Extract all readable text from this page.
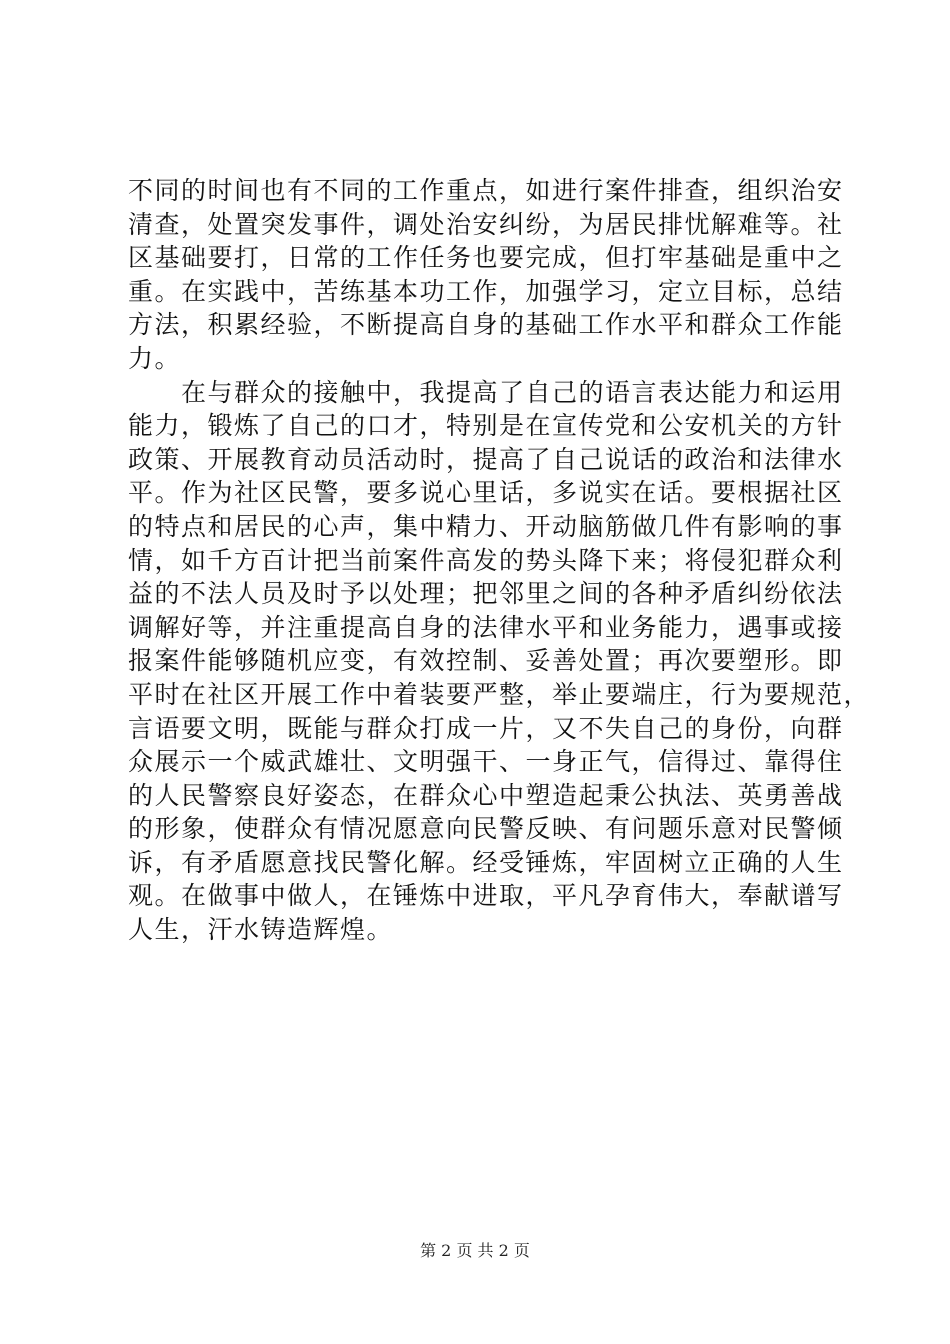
不同的时间也有不同的工作重点，如进行案件排查，组织治安
清查，处置突发事件，调处治安纠纷，为居民排忧解难等。社
区基础要打，日常的工作任务也要完成，但打牢基础是重中之
重。在实践中，苦练基本功工作，加强学习，定立目标，总结
方法，积累经验，不断提高自身的基础工作水平和群众工作能
力。
　　在与群众的接触中，我提高了自己的语言表达能力和运用
能力，锻炼了自己的口才，特别是在宣传党和公安机关的方针
政策、开展教育动员活动时，提高了自己说话的政治和法律水
平。作为社区民警，要多说心里话，多说实在话。要根据社区
的特点和居民的心声，集中精力、开动脑筋做几件有影响的事
情，如千方百计把当前案件高发的势头降下来；将侵犯群众利
益的不法人员及时予以处理；把邻里之间的各种矛盾纠纷依法
调解好等，并注重提高自身的法律水平和业务能力，遇事或接
报案件能够随机应变，有效控制、妥善处置；再次要塑形。即
平时在社区开展工作中着装要严整，举止要端庄，行为要规范，
言语要文明，既能与群众打成一片，又不失自己的身份，向群
众展示一个威武雄壮、文明强干、一身正气，信得过、靠得住
的人民警察良好姿态，在群众心中塑造起秉公执法、英勇善战
的形象，使群众有情况愿意向民警反映、有问题乐意对民警倾
诉，有矛盾愿意找民警化解。经受锤炼，牢固树立正确的人生
观。在做事中做人，在锤炼中进取，平凡孕育伟大，奉献谱写
人生，汗水铸造辉煌。
第 2 页 共 2 页
